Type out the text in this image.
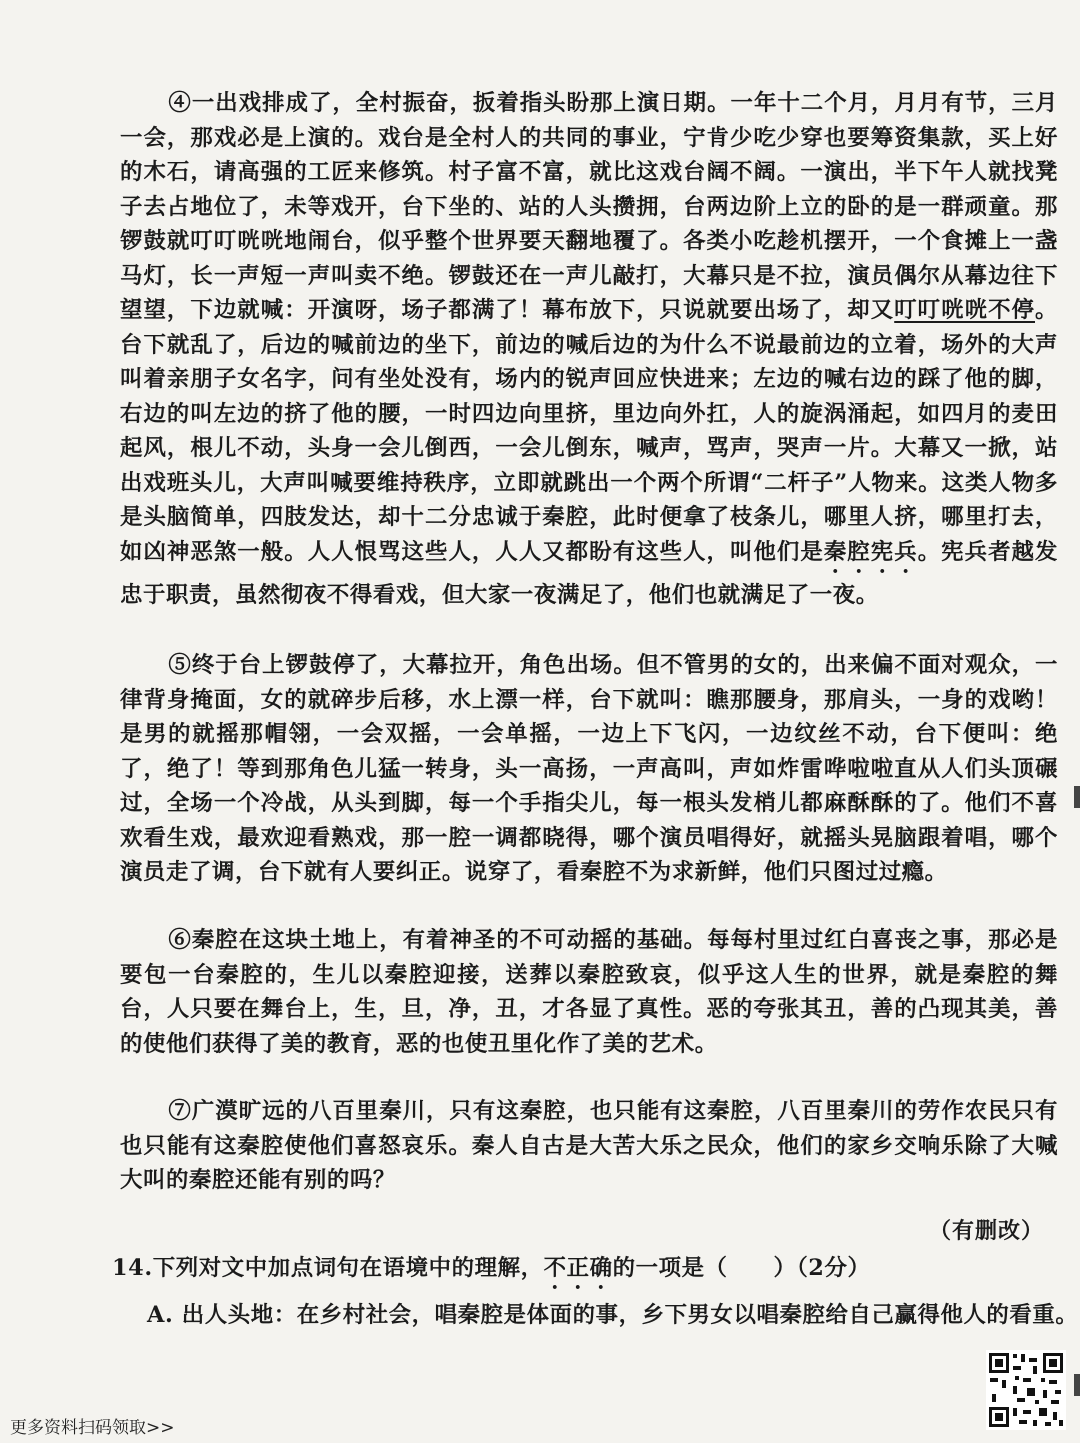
④一出戏排成了，全村振奋，扳着指头盼那上演日期。一年十二个月，月月有节，三月一会，那戏必是上演的。戏台是全村人的共同的事业，宁肯少吃少穿也要筹资集款，买上好的木石，请高强的工匠来修筑。村子富不富，就比这戏台阔不阔。一演出，半下午人就找凳子去占地位了，未等戏开，台下坐的、站的人头攒拥，台两边阶上立的卧的是一群顽童。那锣鼓就叮叮咣咣地闹台，似乎整个世界要天翻地覆了。各类小吃趁机摆开，一个食摊上一盏马灯，长一声短一声叫卖不绝。锣鼓还在一声儿敲打，大幕只是不拉，演员偶尔从幕边往下望望，下边就喊：开演呀，场子都满了！幕布放下，只说就要出场了，却又叮叮咣咣不停。台下就乱了，后边的喊前边的坐下，前边的喊后边的为什么不说最前边的立着，场外的大声叫着亲朋子女名字，问有坐处没有，场内的锐声回应快进来；左边的喊右边的踩了他的脚，右边的叫左边的挤了他的腰，一时四边向里挤，里边向外扛，人的旋涡涌起，如四月的麦田起风，根儿不动，头身一会儿倒西，一会儿倒东，喊声，骂声，哭声一片。大幕又一掀，站出戏班头儿，大声叫喊要维持秩序，立即就跳出一个两个所谓“二杆子”人物来。这类人物多是头脑简单，四肢发达，却十二分忠诚于秦腔，此时便拿了枝条儿，哪里人挤，哪里打去，如凶神恶煞一般。人人恨骂这些人，人人又都盼有这些人，叫他们是秦腔宪兵。宪兵者越发忠于职责，虽然彻夜不得看戏，但大家一夜满足了，他们也就满足了一夜。
⑤终于台上锣鼓停了，大幕拉开，角色出场。但不管男的女的，出来偏不面对观众，一律背身掩面，女的就碎步后移，水上漂一样，台下就叫：瞧那腰身，那肩头，一身的戏哟！是男的就摇那帽翎，一会双摇，一会单摇，一边上下飞闪，一边纹丝不动，台下便叫：绝了，绝了！等到那角色儿猛一转身，头一高扬，一声高叫，声如炸雷哗啦啦直从人们头顶碾过，全场一个冷战，从头到脚，每一个手指尖儿，每一根头发梢儿都麻酥酥的了。他们不喜欢看生戏，最欢迎看熟戏，那一腔一调都晓得，哪个演员唱得好，就摇头晃脑跟着唱，哪个演员走了调，台下就有人要纠正。说穿了，看秦腔不为求新鲜，他们只图过过瘾。
⑥秦腔在这块土地上，有着神圣的不可动摇的基础。每每村里过红白喜丧之事，那必是要包一台秦腔的，生儿以秦腔迎接，送葬以秦腔致哀，似乎这人生的世界，就是秦腔的舞台，人只要在舞台上，生，旦，净，丑，才各显了真性。恶的夸张其丑，善的凸现其美，善的使他们获得了美的教育，恶的也使丑里化作了美的艺术。
⑦广漠旷远的八百里秦川，只有这秦腔，也只能有这秦腔，八百里秦川的劳作农民只有也只能有这秦腔使他们喜怒哀乐。秦人自古是大苦大乐之民众，他们的家乡交响乐除了大喊大叫的秦腔还能有别的吗？
（有删改）
14.下列对文中加点词句在语境中的理解，不正确的一项是（　　）（2分）
A. 出人头地：在乡村社会，唱秦腔是体面的事，乡下男女以唱秦腔给自己赢得他人的看重。
更多资料扫码领取>>
